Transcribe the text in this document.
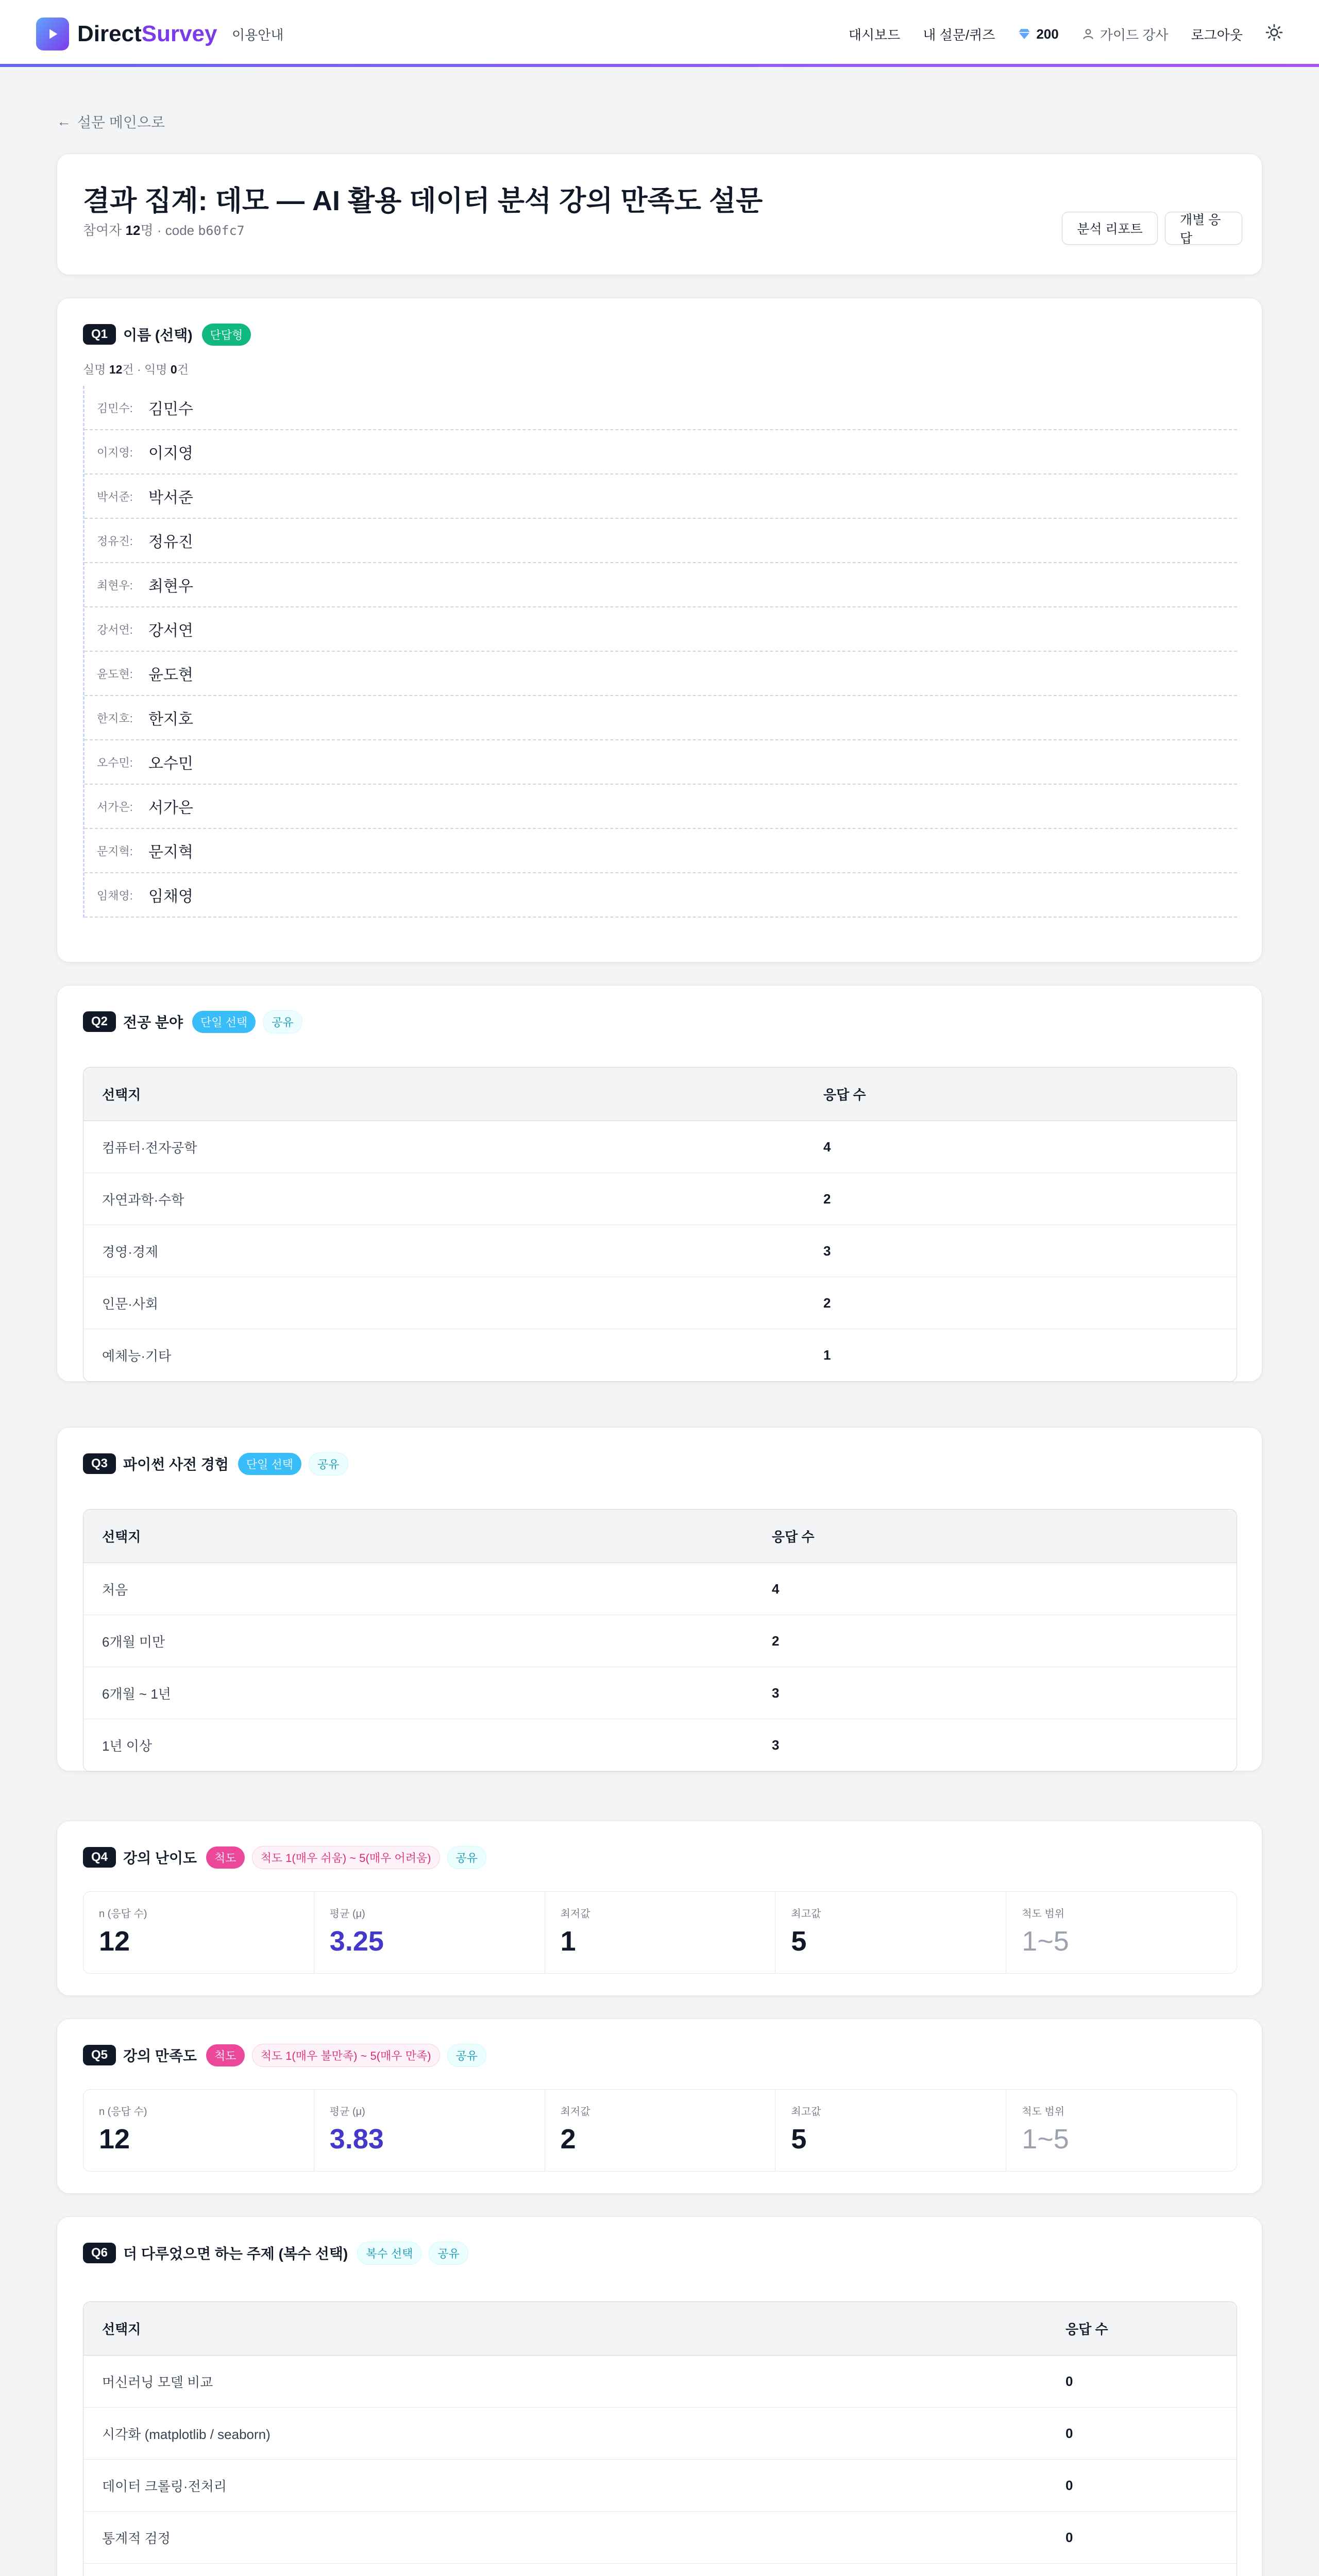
DirectSurvey 이용안내	대시보드 내 설문/퀴즈	200	가이드 강사 로그아웃
← 설문 메인으로
결과 집계: 데모 — AI 활용 데이터 분석 강의 만족도 설문
참여자 12명 · code b60fc7	분석 리포트
개별 응답
Q1	이름 (선택)	단답형
실명 12건 · 익명 0건
김민수:	김민수
이지영:	이지영
박서준:	박서준
정유진:	정유진
최현우:	최현우
강서연:	강서연
윤도현:	윤도현
한지호:	한지호
오수민:	오수민
서가은:	서가은
문지혁:	문지혁
임채영:	임채영
Q2	전공 분야	단일 선택	공유
선택지	응답 수
컴퓨터·전자공학	4
자연과학·수학	2
경영·경제	3
인문·사회	2
예체능·기타	1
Q3	파이썬 사전 경험	단일 선택	공유
선택지	응답 수
처음	4
6개월 미만	2
6개월 ~ 1년	3
1년 이상	3
Q4	강의 난이도	척도	척도 1(매우 쉬움) ~ 5(매우 어려움)	공유
n (응답 수)
12
평균 (μ)
3.25
최저값
1
최고값
5
척도 범위
1~5
Q5	강의 만족도	척도	척도 1(매우 불만족) ~ 5(매우 만족)	공유
n (응답 수)
12
평균 (μ)
3.83
최저값
2
최고값
5
척도 범위
1~5
Q6	더 다루었으면 하는 주제 (복수 선택)	복수 선택	공유
선택지	응답 수
머신러닝 모델 비교	0
시각화 (matplotlib / seaborn)	0
데이터 크롤링·전처리	0
통계적 검정	0
